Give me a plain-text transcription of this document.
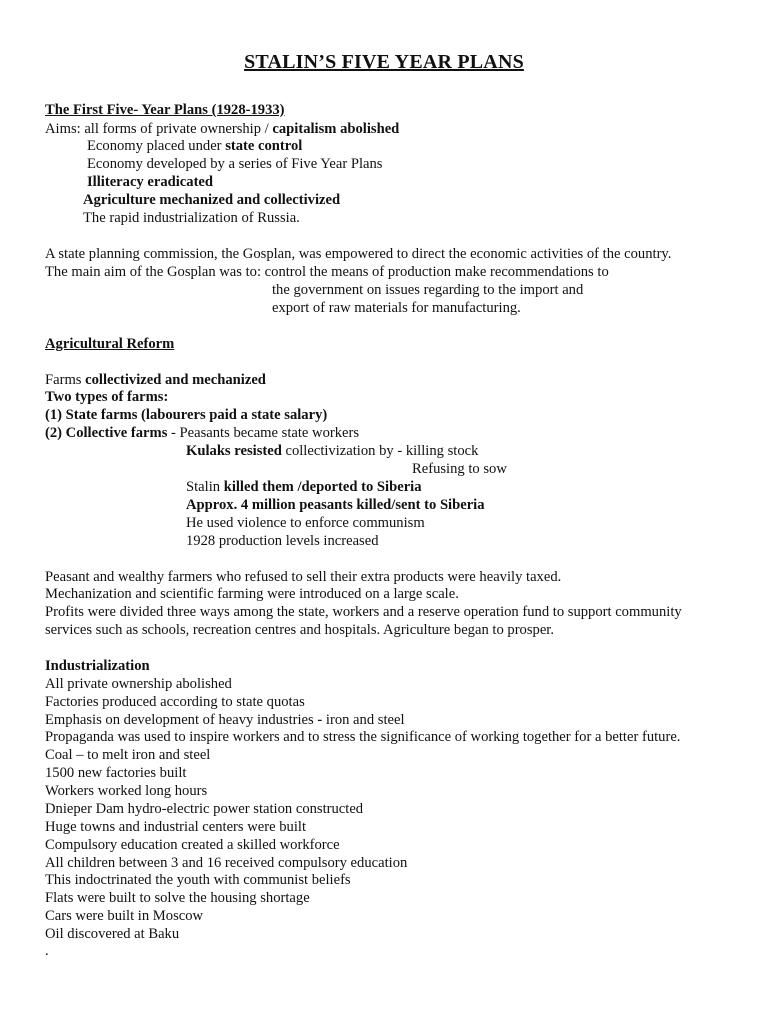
STALIN’S FIVE YEAR PLANS
The First Five- Year Plans (1928-1933)
Aims: all forms of private ownership / capitalism abolished
Economy placed under state control
Economy developed by a series of Five Year Plans
Illiteracy eradicated
Agriculture mechanized and collectivized
The rapid industrialization of Russia.
A state planning commission, the Gosplan, was empowered to direct the economic activities of the country.
The main aim of the Gosplan was to: control the means of production make recommendations to
the government on issues regarding to the import and
export of raw materials for manufacturing.
Agricultural Reform
Farms collectivized and mechanized
Two types of farms:
(1) State farms (labourers paid a state salary)
(2) Collective farms - Peasants became state workers
Kulaks resisted collectivization by - killing stock
Refusing to sow
Stalin killed them /deported to Siberia
Approx. 4 million peasants killed/sent to Siberia
He used violence to enforce communism
1928 production levels increased
Peasant and wealthy farmers who refused to sell their extra products were heavily taxed.
Mechanization and scientific farming were introduced on a large scale.
Profits were divided three ways among the state, workers and a reserve operation fund to support community
services such as schools, recreation centres and hospitals. Agriculture began to prosper.
Industrialization
All private ownership abolished
Factories produced according to state quotas
Emphasis on development of heavy industries - iron and steel
Propaganda was used to inspire workers and to stress the significance of working together for a better future.
Coal – to melt iron and steel
1500 new factories built
Workers worked long hours
Dnieper Dam hydro-electric power station constructed
Huge towns and industrial centers were built
Compulsory education created a skilled workforce
All children between 3 and 16 received compulsory education
This indoctrinated the youth with communist beliefs
Flats were built to solve the housing shortage
Cars were built in Moscow
Oil discovered at Baku
.
